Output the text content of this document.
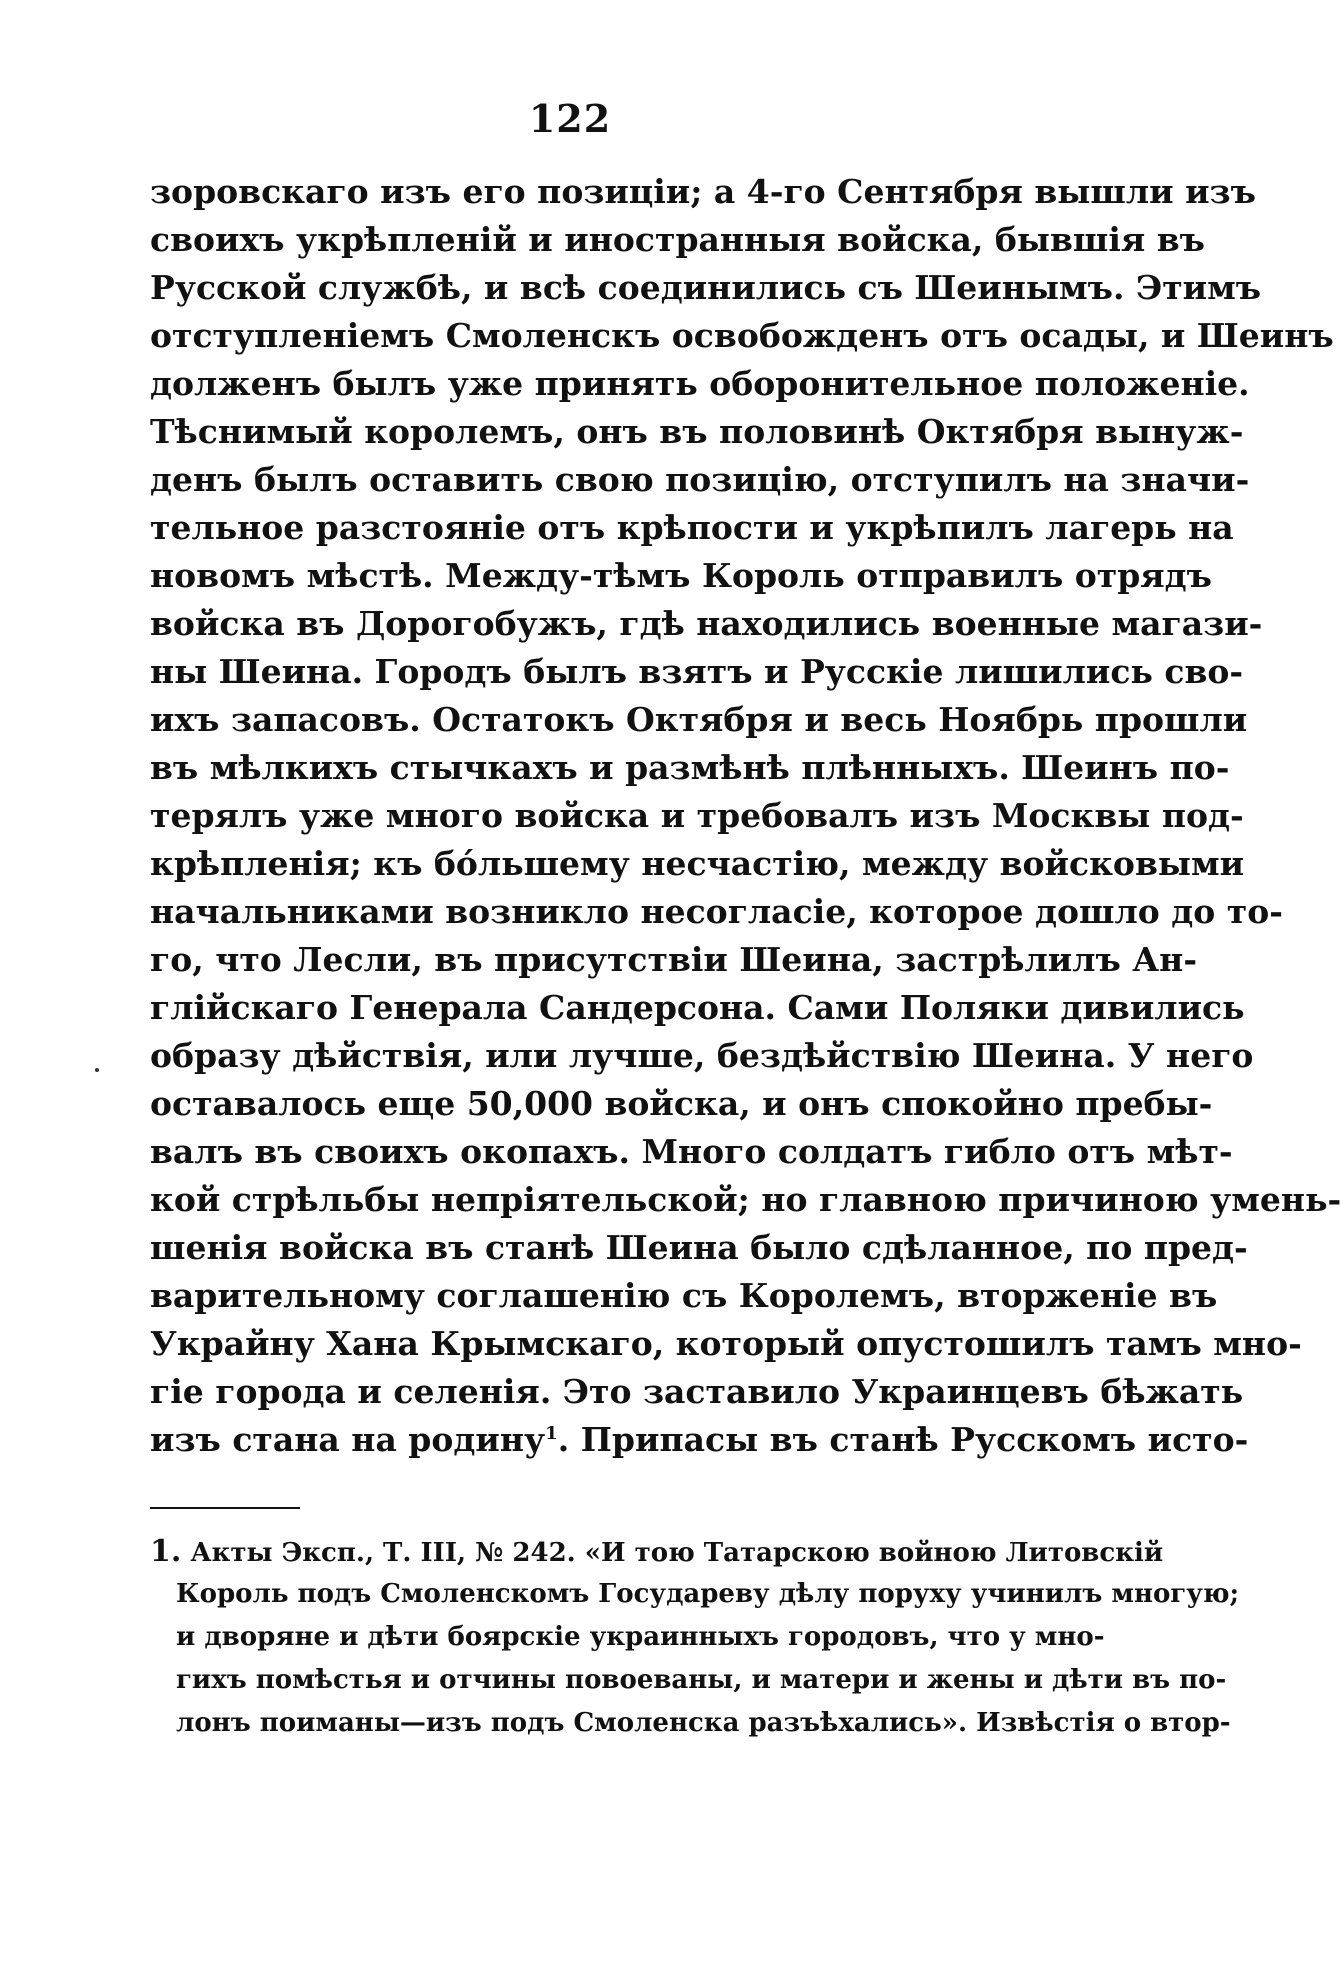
122
зоровскаго изъ его позицiи; а 4-го Сентября вышли изъ
своихъ укрѣпленiй и иностранныя войска, бывшiя въ
Русской службѣ, и всѣ соединились съ Шеинымъ. Этимъ
отступленiемъ Смоленскъ освобожденъ отъ осады, и Шеинъ
долженъ былъ уже принять оборонительное положенiе.
Тѣснимый королемъ, онъ въ половинѣ Октября вынуж-
денъ былъ оставить свою позицiю, отступилъ на значи-
тельное разстоянiе отъ крѣпости и укрѣпилъ лагерь на
новомъ мѣстѣ. Между-тѣмъ Король отправилъ отрядъ
войска въ Дорогобужъ, гдѣ находились военные магази-
ны Шеина. Городъ былъ взятъ и Русскiе лишились сво-
ихъ запасовъ. Остатокъ Октября и весь Ноябрь прошли
въ мѣлкихъ стычкахъ и размѣнѣ плѣнныхъ. Шеинъ по-
терялъ уже много войска и требовалъ изъ Москвы под-
крѣпленiя; къ бо́льшему несчастiю, между войсковыми
начальниками возникло несогласiе, которое дошло до то-
го, что Лесли, въ присутствiи Шеина, застрѣлилъ Ан-
глiйскаго Генерала Сандерсона. Сами Поляки дивились
образу дѣйствiя, или лучше, бездѣйствiю Шеина. У него
оставалось еще 50,000 войска, и онъ спокойно пребы-
валъ въ своихъ окопахъ. Много солдатъ гибло отъ мѣт-
кой стрѣльбы непрiятельской; но главною причиною умень-
шенiя войска въ станѣ Шеина было сдѣланное, по пред-
варительному соглашенiю съ Королемъ, вторженiе въ
Украйну Хана Крымскаго, который опустошилъ тамъ мно-
гiе города и селенiя. Это заставило Украинцевъ бѣжать
изъ стана на родину$^1$. Припасы въ станѣ Русскомъ исто-
1. Акты Эксп., Т. III, № 242. «И тою Татарскою войною Литовскiй
Король подъ Смоленскомъ Государеву дѣлу поруху учинилъ многую;
и дворяне и дѣти боярскiе украинныхъ городовъ, что у мно-
гихъ помѣстья и отчины повоеваны, и матери и жены и дѣти въ по-
лонъ поиманы—изъ подъ Смоленска разъѣхались». Извѣстiя о втор-
